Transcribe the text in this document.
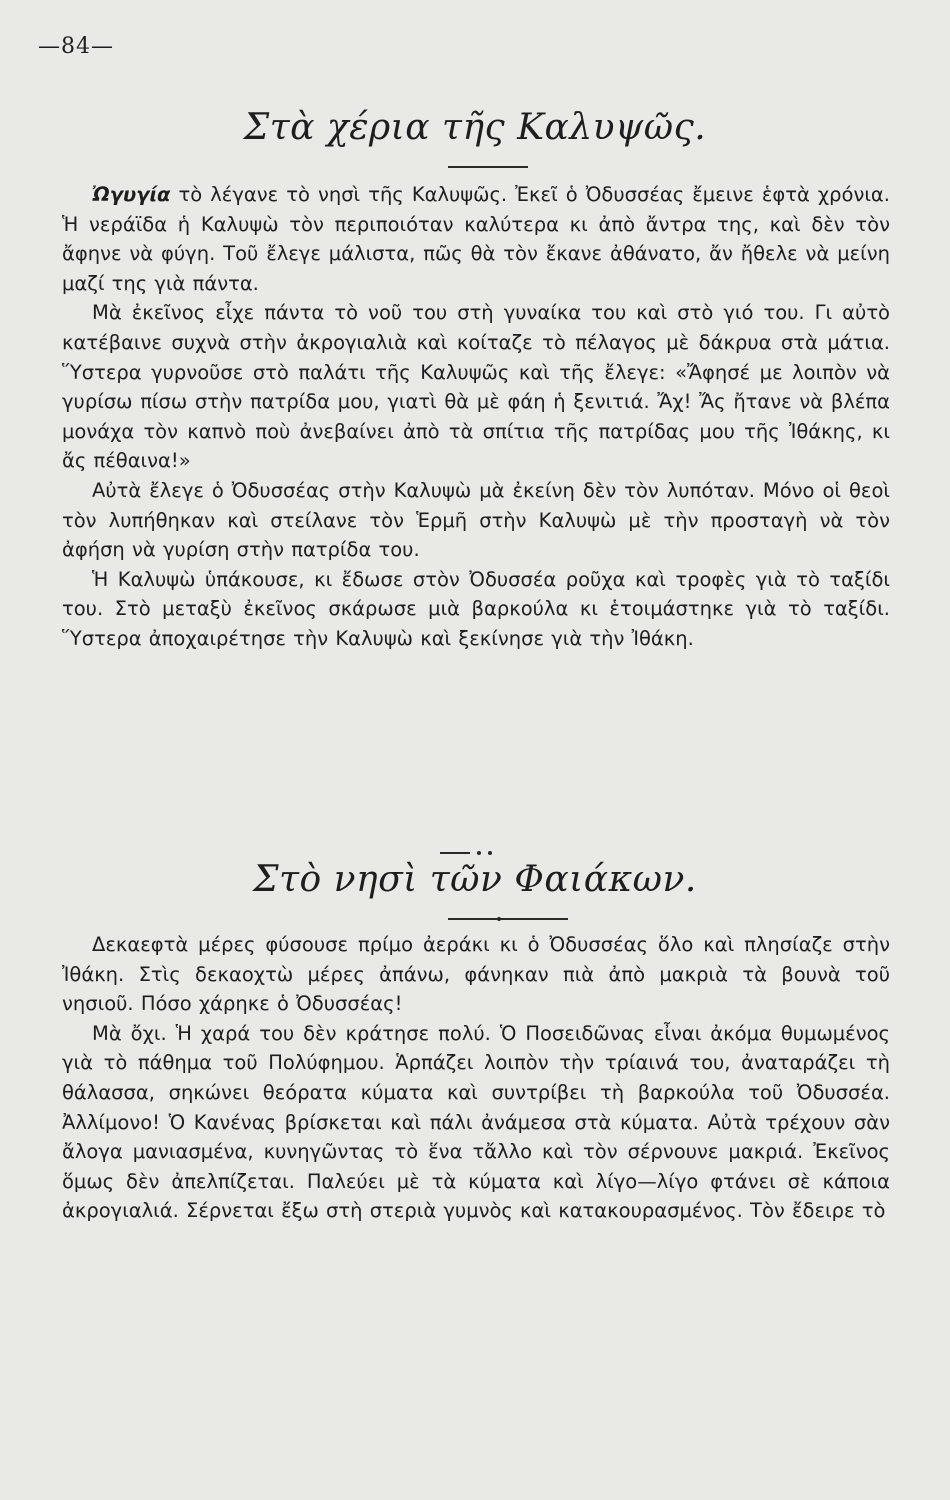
—84—
Στὰ χέρια τῆς Καλυψῶς.

Ὠγυγία τὸ λέγανε τὸ νησὶ τῆς Καλυψῶς. Ἐκεῖ ὁ Ὀδυσσέας ἔμεινε ἑφτὰ χρόνια. Ἡ νεράϊδα ἡ Καλυψὼ τὸν περιποιόταν καλύτερα κι ἀπὸ ἄντρα της, καὶ δὲν τὸν ἄφηνε νὰ φύγη. Τοῦ ἔλεγε μάλιστα, πῶς θὰ τὸν ἔκανε ἀθάνατο, ἄν ἤθελε νὰ μείνη μαζί της γιὰ πάντα.

Μὰ ἐκεῖνος εἶχε πάντα τὸ νοῦ του στὴ γυναίκα του καὶ στὸ γιό του. Γι αὐτὸ κατέβαινε συχνὰ στὴν ἀκρογιαλιὰ καὶ κοίταζε τὸ πέλαγος μὲ δάκρυα στὰ μάτια. Ὕστερα γυρνοῦσε στὸ παλάτι τῆς Καλυψῶς καὶ τῆς ἔλεγε: «Ἄφησέ με λοιπὸν νὰ γυρίσω πίσω στὴν πατρίδα μου, γιατὶ θὰ μὲ φάη ἡ ξενιτιά. Ἄχ! Ἄς ἤτανε νὰ βλέπα μονάχα τὸν καπνὸ ποὺ ἀνεβαίνει ἀπὸ τὰ σπίτια τῆς πατρίδας μου τῆς Ἰθάκης, κι ἄς πέθαινα!»

Αὐτὰ ἔλεγε ὁ Ὀδυσσέας στὴν Καλυψὼ μὰ ἐκείνη δὲν τὸν λυπόταν. Μόνο οἱ θεοὶ τὸν λυπήθηκαν καὶ στείλανε τὸν Ἑρμῆ στὴν Καλυψὼ μὲ τὴν προσταγὴ νὰ τὸν ἀφήση νὰ γυρίση στὴν πατρίδα του.

Ἡ Καλυψὼ ὑπάκουσε, κι ἔδωσε στὸν Ὀδυσσέα ροῦχα καὶ τροφὲς γιὰ τὸ ταξίδι του. Στὸ μεταξὺ ἐκεῖνος σκάρωσε μιὰ βαρκούλα κι ἑτοιμάστηκε γιὰ τὸ ταξίδι. Ὕστερα ἀποχαιρέτησε τὴν Καλυψὼ καὶ ξεκίνησε γιὰ τὴν Ἰθάκη.

Στὸ νησὶ τῶν Φαιάκων.

Δεκαεφτὰ μέρες φύσουσε πρίμο ἀεράκι κι ὁ Ὀδυσσέας ὅλο καὶ πλησίαζε στὴν Ἰθάκη. Στὶς δεκαοχτὼ μέρες ἀπάνω, φάνηκαν πιὰ ἀπὸ μακριὰ τὰ βουνὰ τοῦ νησιοῦ. Πόσο χάρηκε ὁ Ὀδυσσέας!

Μὰ ὄχι. Ἡ χαρά του δὲν κράτησε πολύ. Ὁ Ποσειδῶνας εἶναι ἀκόμα θυμωμένος γιὰ τὸ πάθημα τοῦ Πολύφημου. Ἁρπάζει λοιπὸν τὴν τρίαινά του, ἀναταράζει τὴ θάλασσα, σηκώνει θεόρατα κύματα καὶ συντρίβει τὴ βαρκούλα τοῦ Ὀδυσσέα. Ἀλλίμονο! Ὁ Κανένας βρίσκεται καὶ πάλι ἀνάμεσα στὰ κύματα. Αὐτὰ τρέχουν σὰν ἄλογα μανιασμένα, κυνηγῶντας τὸ ἕνα τἄλλο καὶ τὸν σέρνουνε μακριά. Ἐκεῖνος ὅμως δὲν ἀπελπίζεται. Παλεύει μὲ τὰ κύματα καὶ λίγο—λίγο φτάνει σὲ κάποια ἀκρογιαλιά. Σέρνεται ἔξω στὴ στεριὰ γυμνὸς καὶ κατακουρασμένος. Τὸν ἔδειρε τὸ
